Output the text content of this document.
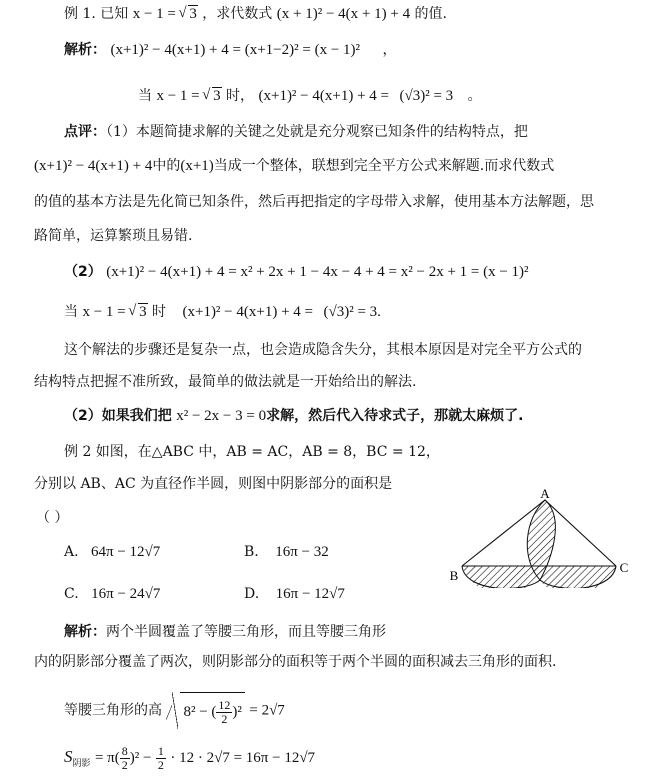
例 1. 已知 x − 1 = √ 3 ，求代数式 (x + 1)² − 4(x + 1) + 4 的值.
解析： (x+1)² − 4(x+1) + 4 = (x+1−2)² = (x − 1)² ，
当 x − 1 = √ 3 时， (x+1)² − 4(x+1) + 4 = (√3)² = 3 。
点评：（1）本题简捷求解的关键之处就是充分观察已知条件的结构特点，把
(x+1)² − 4(x+1) + 4中的(x+1)当成一个整体，联想到完全平方公式来解题.而求代数式
的值的基本方法是先化简已知条件，然后再把指定的字母带入求解，使用基本方法解题，思
路简单，运算繁琐且易错.
（2） (x+1)² − 4(x+1) + 4 = x² + 2x + 1 − 4x − 4 + 4 = x² − 2x + 1 = (x − 1)²
当 x − 1 = √ 3 时 (x+1)² − 4(x+1) + 4 = (√3)² = 3.
这个解法的步骤还是复杂一点，也会造成隐含失分，其根本原因是对完全平方公式的
结构特点把握不准所致，最简单的做法就是一开始给出的解法.
（2）如果我们把 x² − 2x − 3 = 0求解，然后代入待求式子，那就太麻烦了.
例 2 如图，在△ABC 中，AB = AC，AB = 8，BC = 12，
分别以 AB、AC 为直径作半圆，则图中阴影部分的面积是
（ ）
A. 64π − 12√7	B. 16π − 32
C. 16π − 24√7	D. 16π − 12√7
A
B
C
解析：两个半圆覆盖了等腰三角形，而且等腰三角形
内的阴影部分覆盖了两次，则阴影部分的面积等于两个半圆的面积减去三角形的面积.
等腰三角形的高 8² − ( $\frac{12}{2} )^2 = 2√7$
$S_{阴影} = \pi( \frac{8}{2} )^2 - \frac{1}{2} \cdot 12 \cdot 2√7 = 16\pi - 12√7$
